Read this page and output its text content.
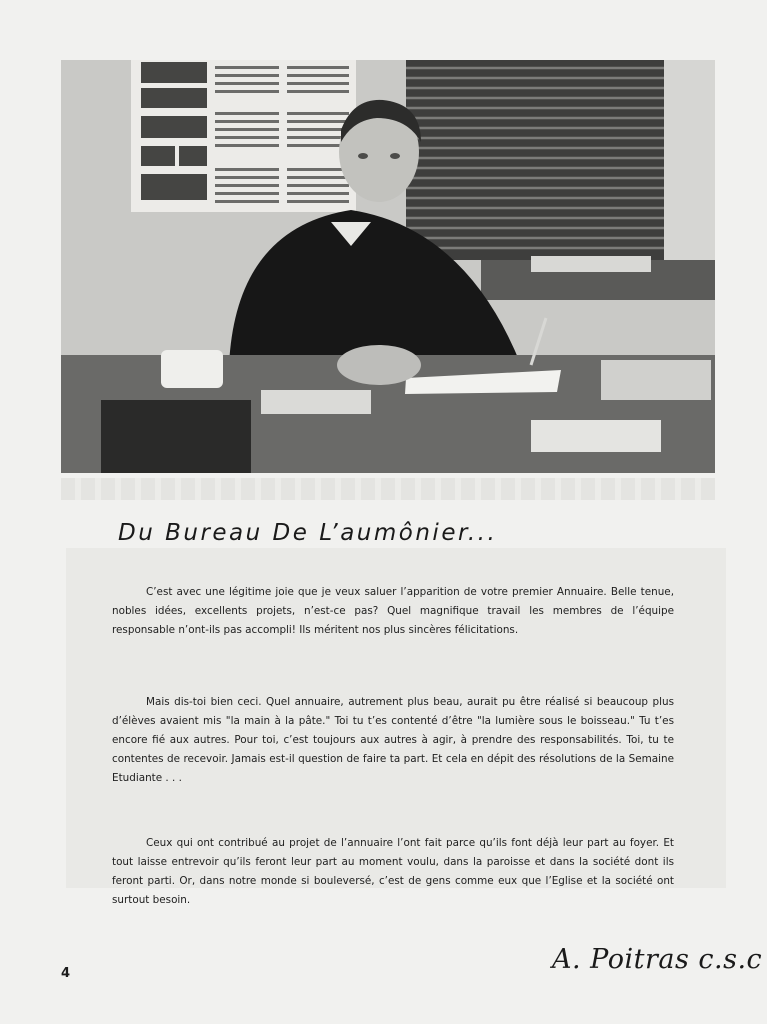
Du Bureau De L’aumônier...

C’est avec une légitime joie que je veux saluer l’apparition de votre premier Annuaire. Belle tenue, nobles idées, excellents projets, n’est-ce pas? Quel magnifique travail les membres de l’équipe responsable n’ont-ils pas accompli! Ils méritent nos plus sincères félicitations.

Mais dis-toi bien ceci. Quel annuaire, autrement plus beau, aurait pu être réalisé si beaucoup plus d’élèves avaient mis "la main à la pâte." Toi tu t’es contenté d’être "la lumière sous le boisseau." Tu t’es encore fié aux autres. Pour toi, c’est toujours aux autres à agir, à prendre des responsabilités. Toi, tu te contentes de recevoir. Jamais est-il question de faire ta part. Et cela en dépit des résolutions de la Semaine Etudiante . . .

Ceux qui ont contribué au projet de l’annuaire l’ont fait parce qu’ils font déjà leur part au foyer. Et tout laisse entrevoir qu’ils feront leur part au moment voulu, dans la paroisse et dans la société dont ils feront parti. Or, dans notre monde si bouleversé, c’est de gens comme eux que l’Eglise et la société ont surtout besoin.

4	A. Poitras c.s.c
